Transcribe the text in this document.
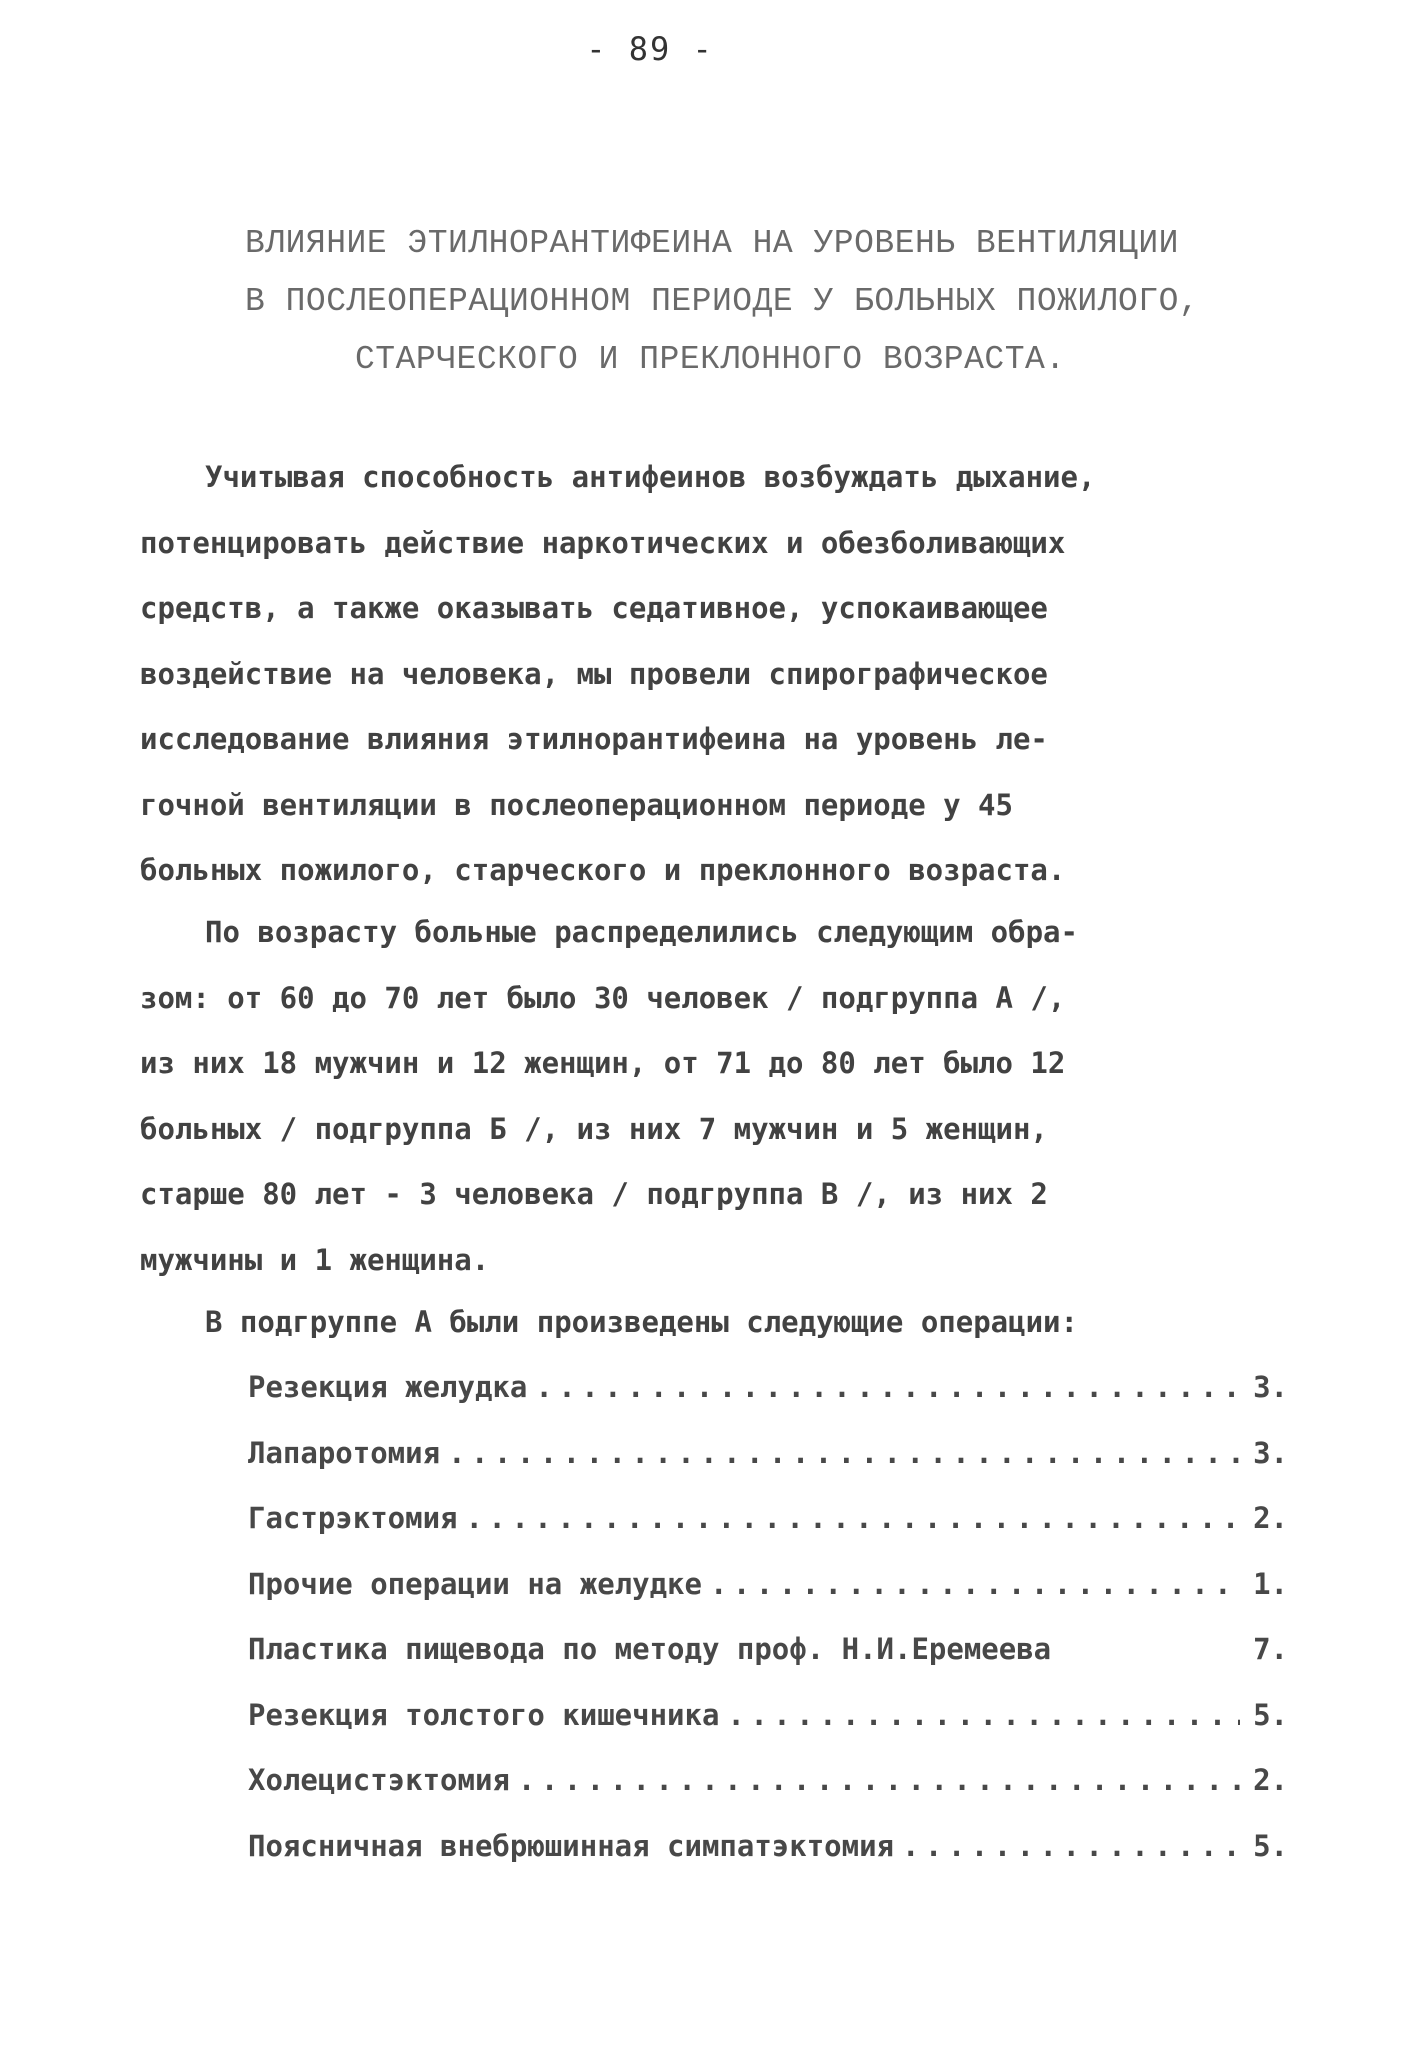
- 89 -
ВЛИЯНИЕ ЭТИЛНОРАНТИФЕИНА НА УРОВЕНЬ ВЕНТИЛЯЦИИ
В ПОСЛЕОПЕРАЦИОННОМ ПЕРИОДЕ У БОЛЬНЫХ ПОЖИЛОГО,
СТАРЧЕСКОГО И ПРЕКЛОННОГО ВОЗРАСТА.
Учитывая способность антифеинов возбуждать дыхание,
потенцировать действие наркотических и обезболивающих
средств, а также оказывать седативное, успокаивающее
воздействие на человека, мы провели спирографическое
исследование влияния этилнорантифеина на уровень ле-
гочной вентиляции в послеоперационном периоде у 45
больных пожилого, старческого и преклонного возраста.
По возрасту больные распределились следующим обра-
зом: от 60 до 70 лет было 30 человек / подгруппа А /,
из них 18 мужчин и 12 женщин, от 71 до 80 лет было 12
больных / подгруппа Б /, из них 7 мужчин и 5 женщин,
старше 80 лет - 3 человека / подгруппа В /, из них 2
мужчины и 1 женщина.
В подгруппе А были произведены следующие операции:
Резекция желудка . . .	3.
Лапаротомия . . .	3.
Гастрэктомия . . .	2.
Прочие операции на желудке . . .	1.
Пластика пищевода по методу проф. Н.И.Еремеева	7.
Резекция толстого кишечника . . .	5.
Холецистэктомия . . .	2.
Поясничная внебрюшинная симпатэктомия . . .	5.
